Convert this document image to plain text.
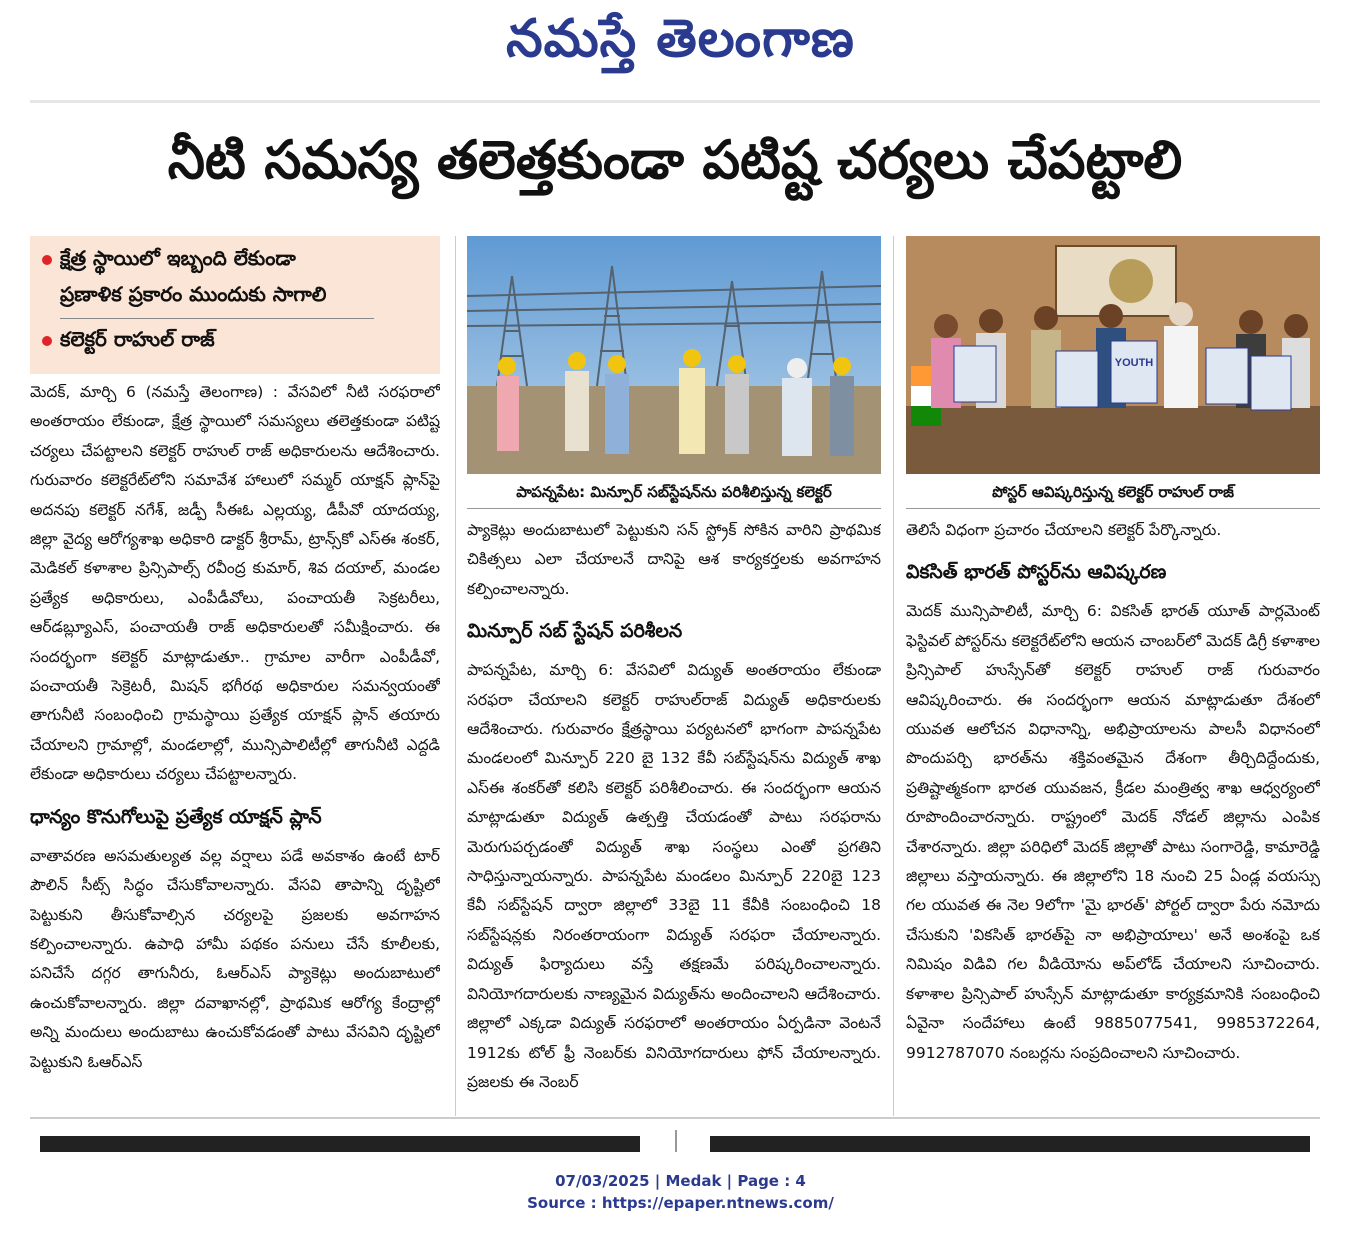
నమస్తే తెలంగాణ
నీటి సమస్య తలెత్తకుండా పటిష్ట చర్యలు చేపట్టాలి
క్షేత్ర స్థాయిలో ఇబ్బంది లేకుండా
ప్రణాళిక ప్రకారం ముందుకు సాగాలి
కలెక్టర్ రాహుల్ రాజ్

మెదక్, మార్చి 6 (నమస్తే తెలంగాణ) : వేసవిలో నీటి సరఫరాలో అంతరాయం లేకుండా, క్షేత్ర స్థాయిలో సమస్యలు తలెత్తకుండా పటిష్ట చర్యలు చేపట్టాలని కలెక్టర్ రాహుల్ రాజ్ అధికారులను ఆదేశించారు. గురువారం కలెక్టరేట్‌లోని సమావేశ హాలులో సమ్మర్ యాక్షన్ ప్లాన్‌పై అదనపు కలెక్టర్ నగేశ్, జడ్పీ సీఈఓ ఎల్లయ్య, డీపీవో యాదయ్య, జిల్లా వైద్య ఆరోగ్యశాఖ అధికారి డాక్టర్ శ్రీరామ్, ట్రాన్స్‌కో ఎస్‌ఈ శంకర్, మెడికల్ కళాశాల ప్రిన్సిపాల్స్ రవీంద్ర కుమార్, శివ దయాల్, మండల ప్రత్యేక అధికారులు, ఎంపీడీవోలు, పంచాయతీ సెక్రటరీలు, ఆర్‌డబ్ల్యూఎస్, పంచాయతీ రాజ్ అధికారులతో సమీక్షించారు. ఈ సందర్భంగా కలెక్టర్ మాట్లాడుతూ.. గ్రామాల వారీగా ఎంపీడీవో, పంచాయతీ సెక్రెటరీ, మిషన్ భగీరథ అధికారుల సమన్వయంతో తాగునీటి సంబంధించి గ్రామస్థాయి ప్రత్యేక యాక్షన్ ప్లాన్ తయారు చేయాలని గ్రామాల్లో, మండలాల్లో, మున్సిపాలిటీల్లో తాగునీటి ఎద్దడి లేకుండా అధికారులు చర్యలు చేపట్టాలన్నారు.

ధాన్యం కొనుగోలుపై ప్రత్యేక యాక్షన్ ప్లాన్

వాతావరణ అసమతుల్యత వల్ల వర్షాలు పడే అవకాశం ఉంటే టార్ పౌలిన్ సీట్స్ సిద్ధం చేసుకోవాలన్నారు. వేసవి తాపాన్ని దృష్టిలో పెట్టుకుని తీసుకోవాల్సిన చర్యలపై ప్రజలకు అవగాహన కల్పించాలన్నారు. ఉపాధి హామీ పథకం పనులు చేసే కూలీలకు, పనిచేసే దగ్గర తాగునీరు, ఓఆర్‌ఎస్ ప్యాకెట్లు అందుబాటులో ఉంచుకోవాలన్నారు. జిల్లా దవాఖానల్లో, ప్రాథమిక ఆరోగ్య కేంద్రాల్లో అన్ని మందులు అందుబాటు ఉంచుకోవడంతో పాటు వేసవిని దృష్టిలో పెట్టుకుని ఓఆర్‌ఎస్

పాపన్నపేట: మిన్పూర్ సబ్‌స్టేషన్‌ను పరిశీలిస్తున్న కలెక్టర్

ప్యాకెట్లు అందుబాటులో పెట్టుకుని సన్ స్ట్రోక్ సోకిన వారిని ప్రాథమిక చికిత్సలు ఎలా చేయాలనే దానిపై ఆశ కార్యకర్తలకు అవగాహన కల్పించాలన్నారు.

మిన్పూర్ సబ్ స్టేషన్ పరిశీలన

పాపన్నపేట, మార్చి 6: వేసవిలో విద్యుత్ అంతరాయం లేకుండా సరఫరా చేయాలని కలెక్టర్ రాహుల్‌రాజ్ విద్యుత్ అధికారులకు ఆదేశించారు. గురువారం క్షేత్రస్థాయి పర్యటనలో భాగంగా పాపన్నపేట మండలంలో మిన్పూర్ 220 బై 132 కేవీ సబ్‌స్టేషన్‌ను విద్యుత్ శాఖ ఎస్‌ఈ శంకర్‌తో కలిసి కలెక్టర్ పరిశీలించారు. ఈ సందర్భంగా ఆయన మాట్లాడుతూ విద్యుత్ ఉత్పత్తి చేయడంతో పాటు సరఫరాను మెరుగుపర్చడంతో విద్యుత్ శాఖ సంస్థలు ఎంతో ప్రగతిని సాధిస్తున్నాయన్నారు. పాపన్నపేట మండలం మిన్పూర్ 220బై 123 కేవీ సబ్‌స్టేషన్ ద్వారా జిల్లాలో 33బై 11 కేవీకి సంబంధించి 18 సబ్‌స్టేషన్లకు నిరంతరాయంగా విద్యుత్ సరఫరా చేయాలన్నారు. విద్యుత్ ఫిర్యాదులు వస్తే తక్షణమే పరిష్కరించాలన్నారు. వినియోగదారులకు నాణ్యమైన విద్యుత్‌ను అందించాలని ఆదేశించారు. జిల్లాలో ఎక్కడా విద్యుత్ సరఫరాలో అంతరాయం ఏర్పడినా వెంటనే 1912కు టోల్ ఫ్రీ నెంబర్‌కు వినియోగదారులు ఫోన్ చేయాలన్నారు. ప్రజలకు ఈ నెంబర్

YOUTH
పోస్టర్ ఆవిష్కరిస్తున్న కలెక్టర్ రాహుల్ రాజ్

తెలిసే విధంగా ప్రచారం చేయాలని కలెక్టర్ పేర్కొన్నారు.

వికసిత్ భారత్ పోస్టర్‌ను ఆవిష్కరణ

మెదక్ మున్సిపాలిటీ, మార్చి 6: వికసిత్ భారత్ యూత్ పార్లమెంట్ ఫెస్టివల్ పోస్టర్‌ను కలెక్టరేట్‌లోని ఆయన చాంబర్‌లో మెదక్ డిగ్రీ కళాశాల ప్రిన్సిపాల్ హుస్సేన్‌తో కలెక్టర్ రాహుల్ రాజ్ గురువారం ఆవిష్కరించారు. ఈ సందర్భంగా ఆయన మాట్లాడుతూ దేశంలో యువత ఆలోచన విధానాన్ని, అభిప్రాయాలను పాలసీ విధానంలో పొందుపర్చి భారత్‌ను శక్తివంతమైన దేశంగా తీర్చిదిద్దేందుకు, ప్రతిష్టాత్మకంగా భారత యువజన, క్రీడల మంత్రిత్వ శాఖ ఆధ్వర్యంలో రూపొందించారన్నారు. రాష్ట్రంలో మెదక్ నోడల్ జిల్లాను ఎంపిక చేశారన్నారు. జిల్లా పరిధిలో మెదక్ జిల్లాతో పాటు సంగారెడ్డి, కామారెడ్డి జిల్లాలు వస్తాయన్నారు. ఈ జిల్లాలోని 18 నుంచి 25 ఏండ్ల వయస్సు గల యువత ఈ నెల 9లోగా 'మై భారత్' పోర్టల్ ద్వారా పేరు నమోదు చేసుకుని 'వికసిత్ భారత్‌పై నా అభిప్రాయాలు' అనే అంశంపై ఒక నిమిషం విడివి గల వీడియోను అప్‌లోడ్ చేయాలని సూచించారు. కళాశాల ప్రిన్సిపాల్ హుస్సేన్ మాట్లాడుతూ కార్యక్రమానికి సంబంధించి ఏవైనా సందేహాలు ఉంటే 9885077541, 9985372264, 9912787070 నంబర్లను సంప్రదించాలని సూచించారు.

07/03/2025 | Medak | Page : 4
Source : https://epaper.ntnews.com/
